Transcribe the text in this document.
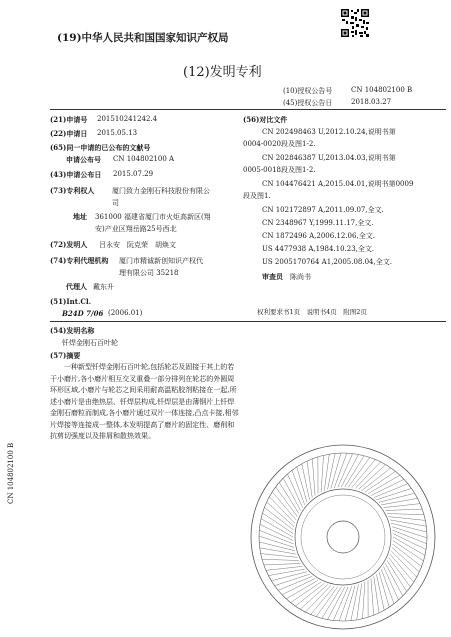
(19)中华人民共和国国家知识产权局
(12)发明专利
(10)授权公告号	CN 104802100 B
(45)授权公告日	2018.03.27
(21)申请号 201510241242.4
(22)申请日 2015.05.13
(65)同一申请的已公布的文献号
申请公布号 CN 104802100 A
(43)申请公布日 2015.07.29
(73)专利权人	厦门致力金刚石科技股份有限公
司
地址 361000 福建省厦门市火炬高新区(翔
安)产业区翔岳路25号西北
(72)发明人 吕永安　阮克荣　胡焕文
(74)专利代理机构 厦门市精诚新创知识产权代
理有限公司 35218
代理人 戴东升
(51)Int.Cl.
B24D 7/06 (2006.01)
(56)对比文件
CN 202498463 U,2012.10.24,说明书第
0004-0020段及图1-2.
CN 202846387 U,2013.04.03,说明书第
0005-0018段及图1-2.
CN 104476421 A,2015.04.01,说明书第0009
段及图1.
CN 102172897 A,2011.09.07,全文.
CN 2348967 Y,1999.11.17,全文.
CN 1872496 A,2006.12.06,全文.
US 4477938 A,1984.10.23,全文.
US 2005170764 A1,2005.08.04,全文.
审查员 陈尚书
权利要求书1页　说明书4页　附图2页
(54)发明名称
钎焊金刚石百叶轮
(57)摘要
一种新型钎焊金刚石百叶轮,包括轮芯及固接于其上的若干小磨片,各小磨片相互交叉重叠一部分排列在轮芯的外圆周环形区域,小磨片与轮芯之间采用耐高温粘胶剂粘接在一起,所述小磨片是由绝热层、钎焊层构成,钎焊层是由薄钢片上钎焊金刚石磨粒而制成,各小磨片通过双片一体连接,凸点卡接,相邻片焊接等连接成一整体,本发明提高了磨片的固定性、磨削和抗剪切强度以及排屑和散热效果。
CN 104802100 B
